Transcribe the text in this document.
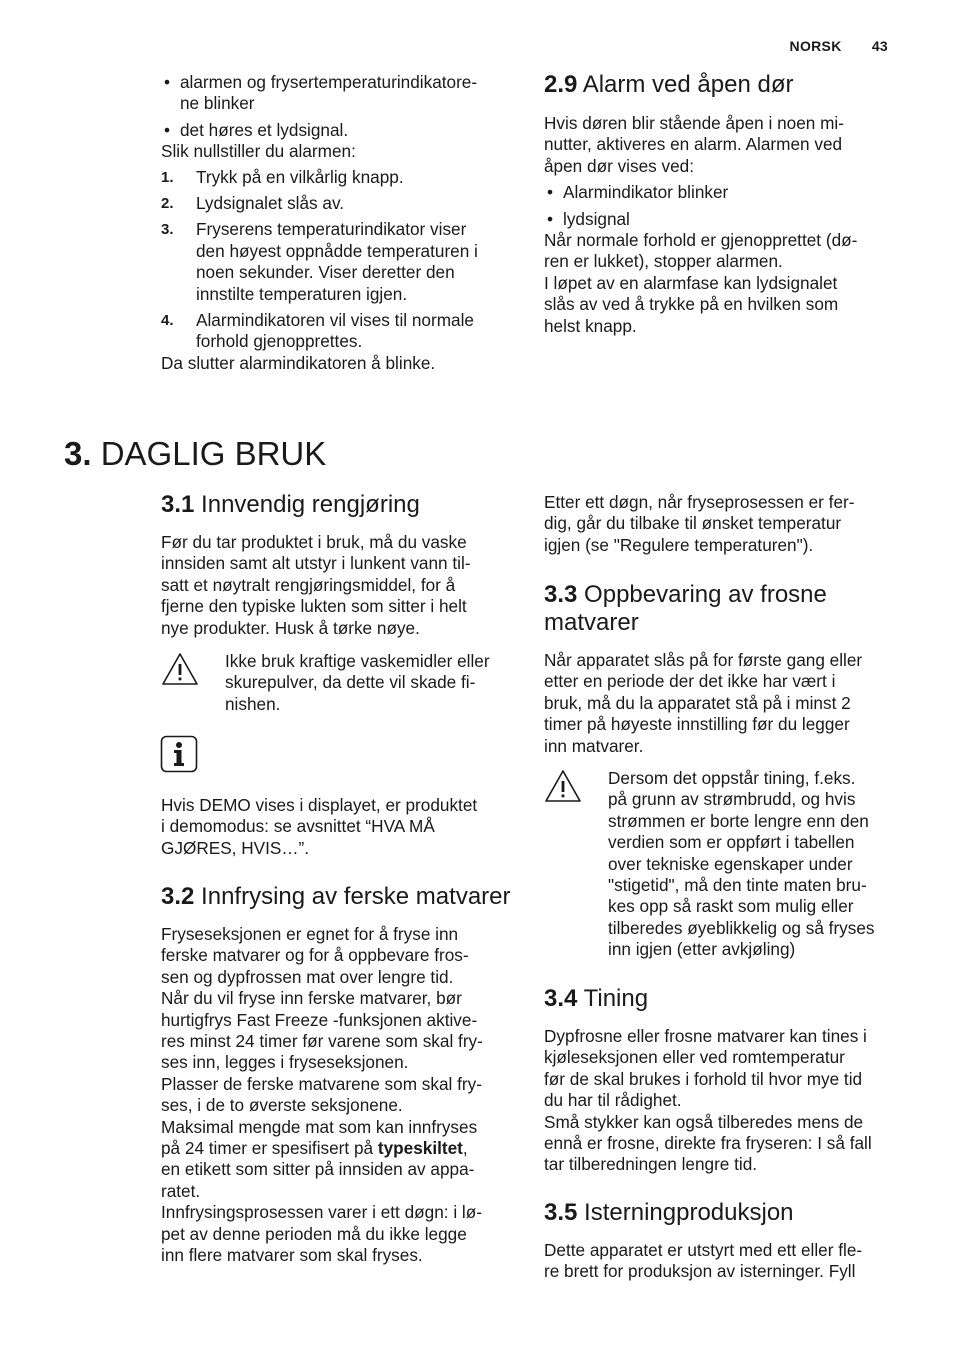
NORSK 43
• alarmen og frysertemperaturindikatore-
ne blinker
• det høres et lydsignal.

Slik nullstiller du alarmen:

1. Trykk på en vilkårlig knapp.
2. Lydsignalet slås av.
3. Fryserens temperaturindikator viser
den høyest oppnådde temperaturen i
noen sekunder. Viser deretter den
innstilte temperaturen igjen.
4. Alarmindikatoren vil vises til normale
forhold gjenopprettes.

Da slutter alarmindikatoren å blinke.

2.9 Alarm ved åpen dør

Hvis døren blir stående åpen i noen mi-
nutter, aktiveres en alarm. Alarmen ved
åpen dør vises ved:

• Alarmindikator blinker
• lydsignal

Når normale forhold er gjenopprettet (dø-
ren er lukket), stopper alarmen.
I løpet av en alarmfase kan lydsignalet
slås av ved å trykke på en hvilken som
helst knapp.

3. DAGLIG BRUK
3.1 Innvendig rengjøring

Før du tar produktet i bruk, må du vaske
innsiden samt alt utstyr i lunkent vann til-
satt et nøytralt rengjøringsmiddel, for å
fjerne den typiske lukten som sitter i helt
nye produkter. Husk å tørke nøye.

Ikke bruk kraftige vaskemidler eller
skurepulver, da dette vil skade fi-
nishen.
Hvis DEMO vises i displayet, er produktet
i demomodus: se avsnittet “HVA MÅ
GJØRES, HVIS…”.
3.2 Innfrysing av ferske matvarer

Fryseseksjonen er egnet for å fryse inn
ferske matvarer og for å oppbevare fros-
sen og dypfrossen mat over lengre tid.
Når du vil fryse inn ferske matvarer, bør
hurtigfrys Fast Freeze -funksjonen aktive-
res minst 24 timer før varene som skal fry-
ses inn, legges i fryseseksjonen.
Plasser de ferske matvarene som skal fry-
ses, i de to øverste seksjonene.
Maksimal mengde mat som kan innfryses
på 24 timer er spesifisert på typeskiltet,
en etikett som sitter på innsiden av appa-
ratet.
Innfrysingsprosessen varer i ett døgn: i lø-
pet av denne perioden må du ikke legge
inn flere matvarer som skal fryses.

Etter ett døgn, når fryseprosessen er fer-
dig, går du tilbake til ønsket temperatur
igjen (se "Regulere temperaturen").
3.3 Oppbevaring av frosne
matvarer

Når apparatet slås på for første gang eller
etter en periode der det ikke har vært i
bruk, må du la apparatet stå på i minst 2
timer på høyeste innstilling før du legger
inn matvarer.

Dersom det oppstår tining, f.eks.
på grunn av strømbrudd, og hvis
strømmen er borte lengre enn den
verdien som er oppført i tabellen
over tekniske egenskaper under
"stigetid", må den tinte maten bru-
kes opp så raskt som mulig eller
tilberedes øyeblikkelig og så fryses
inn igjen (etter avkjøling)
3.4 Tining

Dypfrosne eller frosne matvarer kan tines i
kjøleseksjonen eller ved romtemperatur
før de skal brukes i forhold til hvor mye tid
du har til rådighet.
Små stykker kan også tilberedes mens de
ennå er frosne, direkte fra fryseren: I så fall
tar tilberedningen lengre tid.

3.5 Isterningproduksjon

Dette apparatet er utstyrt med ett eller fle-
re brett for produksjon av isterninger. Fyll
